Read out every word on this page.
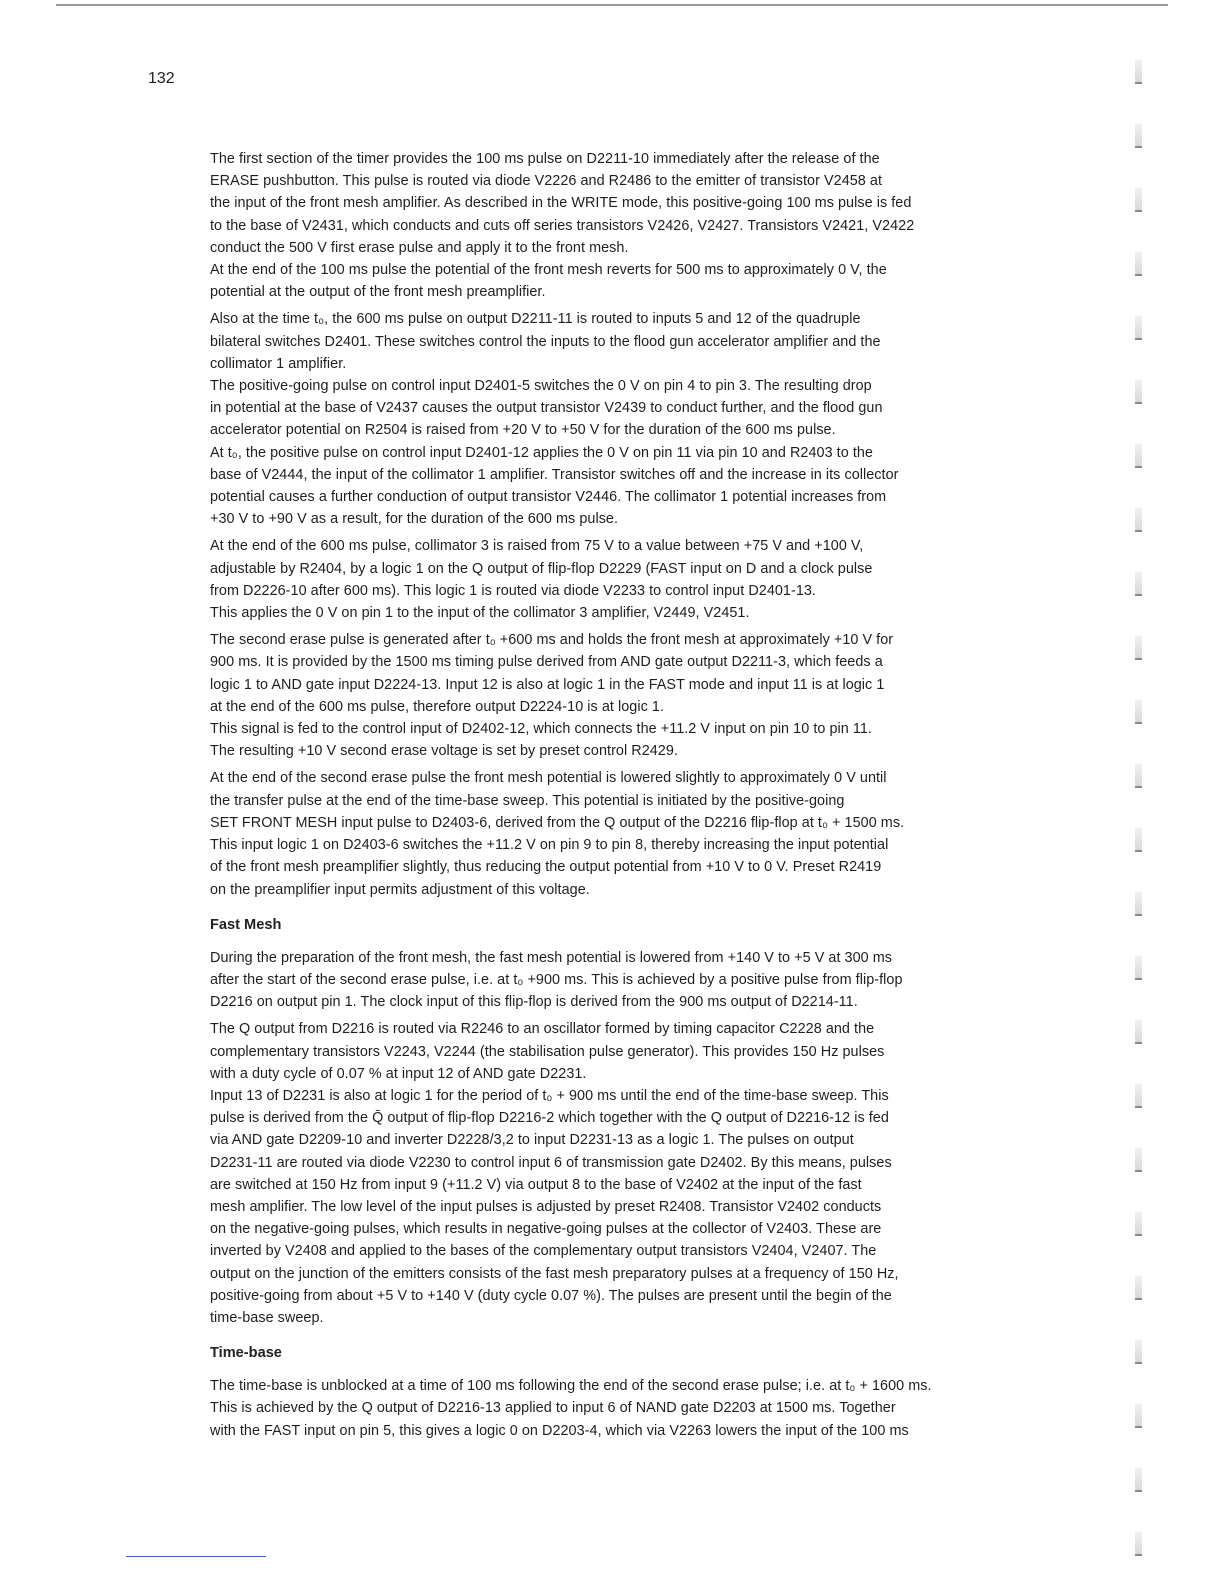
132

The first section of the timer provides the 100 ms pulse on D2211-10 immediately after the release of the
ERASE pushbutton. This pulse is routed via diode V2226 and R2486 to the emitter of transistor V2458 at
the input of the front mesh amplifier. As described in the WRITE mode, this positive-going 100 ms pulse is fed
to the base of V2431, which conducts and cuts off series transistors V2426, V2427. Transistors V2421, V2422
conduct the 500 V first erase pulse and apply it to the front mesh.

At the end of the 100 ms pulse the potential of the front mesh reverts for 500 ms to approximately 0 V, the
potential at the output of the front mesh preamplifier.

Also at the time t₀, the 600 ms pulse on output D2211-11 is routed to inputs 5 and 12 of the quadruple
bilateral switches D2401. These switches control the inputs to the flood gun accelerator amplifier and the
collimator 1 amplifier.

The positive-going pulse on control input D2401-5 switches the 0 V on pin 4 to pin 3. The resulting drop
in potential at the base of V2437 causes the output transistor V2439 to conduct further, and the flood gun
accelerator potential on R2504 is raised from +20 V to +50 V for the duration of the 600 ms pulse.

At t₀, the positive pulse on control input D2401-12 applies the 0 V on pin 11 via pin 10 and R2403 to the
base of V2444, the input of the collimator 1 amplifier. Transistor switches off and the increase in its collector
potential causes a further conduction of output transistor V2446. The collimator 1 potential increases from
+30 V to +90 V as a result, for the duration of the 600 ms pulse.

At the end of the 600 ms pulse, collimator 3 is raised from 75 V to a value between +75 V and +100 V,
adjustable by R2404, by a logic 1 on the Q output of flip-flop D2229 (FAST input on D and a clock pulse
from D2226-10 after 600 ms). This logic 1 is routed via diode V2233 to control input D2401-13.

This applies the 0 V on pin 1 to the input of the collimator 3 amplifier, V2449, V2451.

The second erase pulse is generated after t₀ +600 ms and holds the front mesh at approximately +10 V for
900 ms. It is provided by the 1500 ms timing pulse derived from AND gate output D2211-3, which feeds a
logic 1 to AND gate input D2224-13. Input 12 is also at logic 1 in the FAST mode and input 11 is at logic 1
at the end of the 600 ms pulse, therefore output D2224-10 is at logic 1.

This signal is fed to the control input of D2402-12, which connects the +11.2 V input on pin 10 to pin 11.
The resulting +10 V second erase voltage is set by preset control R2429.

At the end of the second erase pulse the front mesh potential is lowered slightly to approximately 0 V until
the transfer pulse at the end of the time-base sweep. This potential is initiated by the positive-going
SET FRONT MESH input pulse to D2403-6, derived from the Q output of the D2216 flip-flop at t₀ + 1500 ms.
This input logic 1 on D2403-6 switches the +11.2 V on pin 9 to pin 8, thereby increasing the input potential
of the front mesh preamplifier slightly, thus reducing the output potential from +10 V to 0 V. Preset R2419
on the preamplifier input permits adjustment of this voltage.

Fast Mesh

During the preparation of the front mesh, the fast mesh potential is lowered from +140 V to +5 V at 300 ms
after the start of the second erase pulse, i.e. at t₀ +900 ms. This is achieved by a positive pulse from flip-flop
D2216 on output pin 1. The clock input of this flip-flop is derived from the 900 ms output of D2214-11.

The Q output from D2216 is routed via R2246 to an oscillator formed by timing capacitor C2228 and the
complementary transistors V2243, V2244 (the stabilisation pulse generator). This provides 150 Hz pulses
with a duty cycle of 0.07 % at input 12 of AND gate D2231.

Input 13 of D2231 is also at logic 1 for the period of t₀ + 900 ms until the end of the time-base sweep. This
pulse is derived from the Q̄ output of flip-flop D2216-2 which together with the Q output of D2216-12 is fed
via AND gate D2209-10 and inverter D2228/3,2 to input D2231-13 as a logic 1. The pulses on output
D2231-11 are routed via diode V2230 to control input 6 of transmission gate D2402. By this means, pulses
are switched at 150 Hz from input 9 (+11.2 V) via output 8 to the base of V2402 at the input of the fast
mesh amplifier. The low level of the input pulses is adjusted by preset R2408. Transistor V2402 conducts
on the negative-going pulses, which results in negative-going pulses at the collector of V2403. These are
inverted by V2408 and applied to the bases of the complementary output transistors V2404, V2407. The
output on the junction of the emitters consists of the fast mesh preparatory pulses at a frequency of 150 Hz,
positive-going from about +5 V to +140 V (duty cycle 0.07 %). The pulses are present until the begin of the
time-base sweep.

Time-base

The time-base is unblocked at a time of 100 ms following the end of the second erase pulse; i.e. at t₀ + 1600 ms.
This is achieved by the Q output of D2216-13 applied to input 6 of NAND gate D2203 at 1500 ms. Together
with the FAST input on pin 5, this gives a logic 0 on D2203-4, which via V2263 lowers the input of the 100 ms
